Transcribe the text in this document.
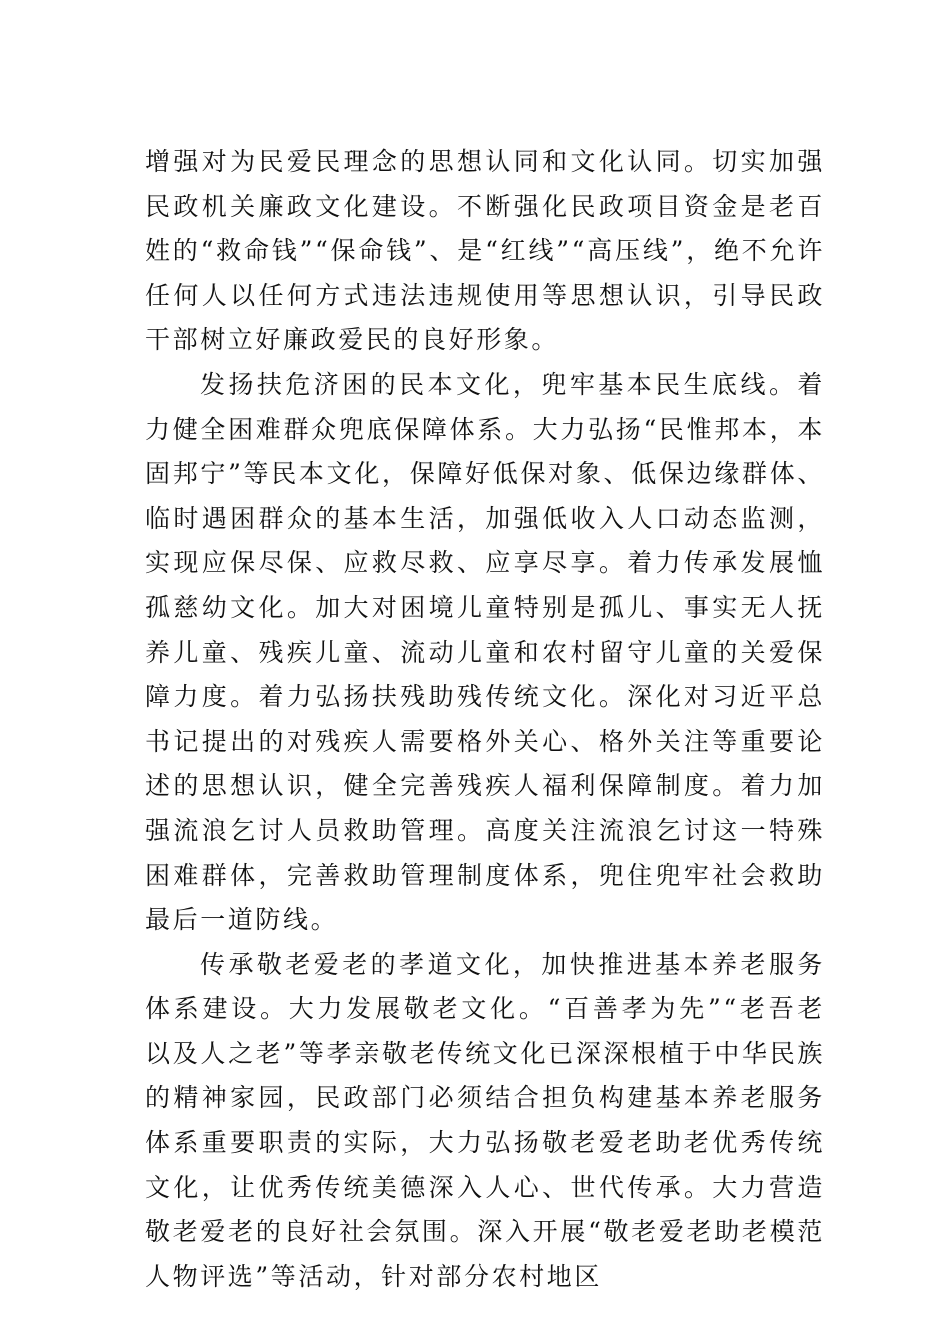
增强对为民爱民理念的思想认同和文化认同。切实加强民政机关廉政文化建设。不断强化民政项目资金是老百姓的“救命钱”“保命钱”、是“红线”“高压线”，绝不允许任何人以任何方式违法违规使用等思想认识，引导民政干部树立好廉政爱民的良好形象。

发扬扶危济困的民本文化，兜牢基本民生底线。着力健全困难群众兜底保障体系。大力弘扬“民惟邦本，本固邦宁”等民本文化，保障好低保对象、低保边缘群体、临时遇困群众的基本生活，加强低收入人口动态监测，实现应保尽保、应救尽救、应享尽享。着力传承发展恤孤慈幼文化。加大对困境儿童特别是孤儿、事实无人抚养儿童、残疾儿童、流动儿童和农村留守儿童的关爱保障力度。着力弘扬扶残助残传统文化。深化对习近平总书记提出的对残疾人需要格外关心、格外关注等重要论述的思想认识，健全完善残疾人福利保障制度。着力加强流浪乞讨人员救助管理。高度关注流浪乞讨这一特殊困难群体，完善救助管理制度体系，兜住兜牢社会救助最后一道防线。

传承敬老爱老的孝道文化，加快推进基本养老服务体系建设。大力发展敬老文化。“百善孝为先”“老吾老以及人之老”等孝亲敬老传统文化已深深根植于中华民族的精神家园，民政部门必须结合担负构建基本养老服务体系重要职责的实际，大力弘扬敬老爱老助老优秀传统文化，让优秀传统美德深入人心、世代传承。大力营造敬老爱老的良好社会氛围。深入开展“敬老爱老助老模范人物评选”等活动，针对部分农村地区
